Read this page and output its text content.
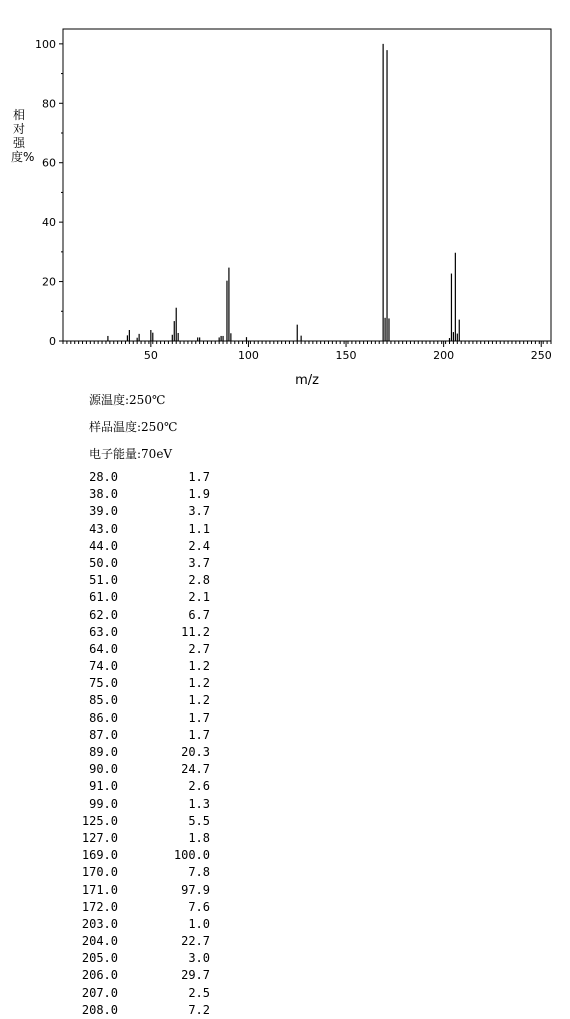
0
20
40
60
80
100
50	100	150	200	250
m/z
相对强度%
源温度:250℃
样品温度:250℃
电子能量:70eV
28.0	1.7
38.0	1.9
39.0	3.7
43.0	1.1
44.0	2.4
50.0	3.7
51.0	2.8
61.0	2.1
62.0	6.7
63.0	11.2
64.0	2.7
74.0	1.2
75.0	1.2
85.0	1.2
86.0	1.7
87.0	1.7
89.0	20.3
90.0	24.7
91.0	2.6
99.0	1.3
125.0	5.5
127.0	1.8
169.0	100.0
170.0	7.8
171.0	97.9
172.0	7.6
203.0	1.0
204.0	22.7
205.0	3.0
206.0	29.7
207.0	2.5
208.0	7.2
